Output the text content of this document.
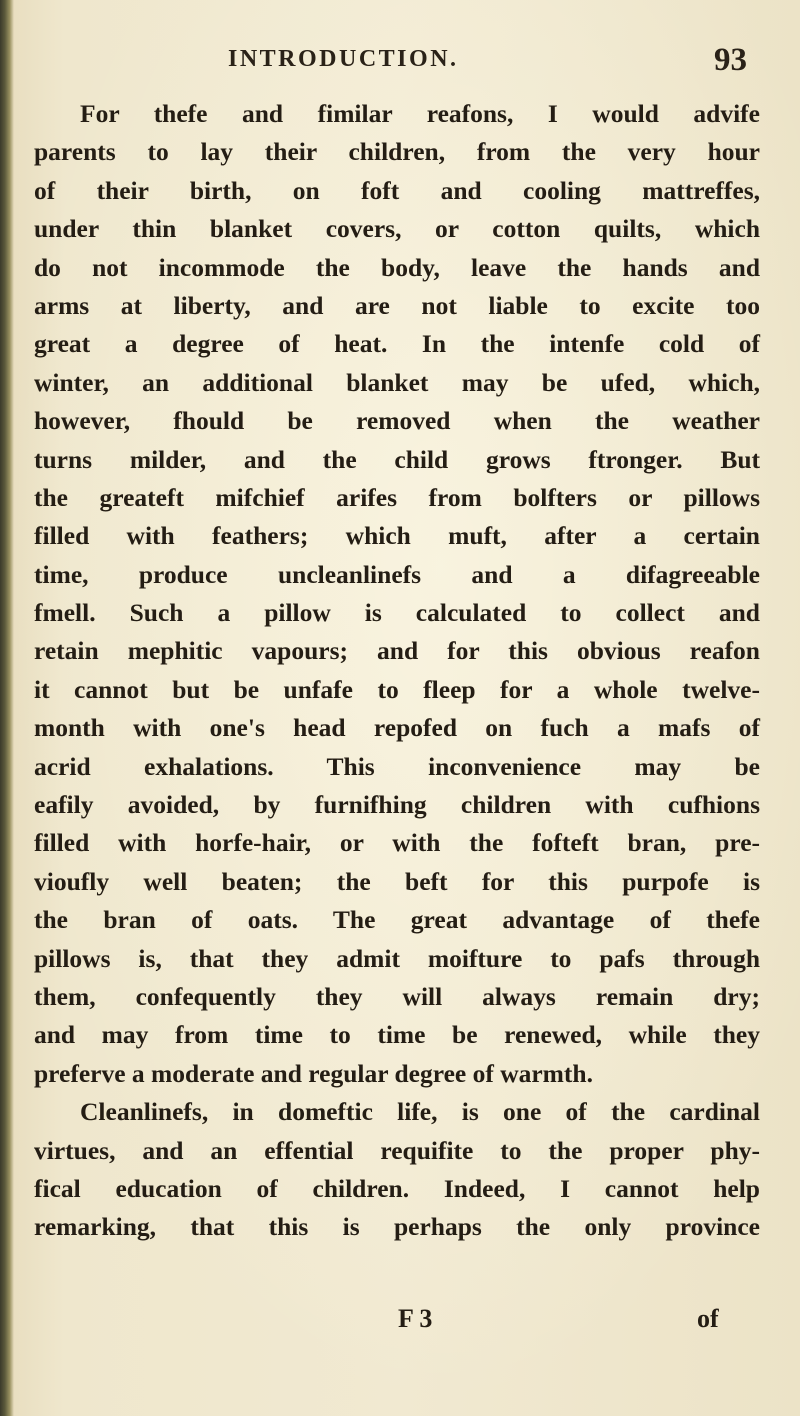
INTRODUCTION.	93
For thefe and fimilar reafons, I would advife
parents to lay their children, from the very hour
of their birth, on foft and cooling mattreffes,
under thin blanket covers, or cotton quilts, which
do not incommode the body, leave the hands and
arms at liberty, and are not liable to excite too
great a degree of heat. In the intenfe cold of
winter, an additional blanket may be ufed, which,
however, fhould be removed when the weather
turns milder, and the child grows ftronger. But
the greateft mifchief arifes from bolfters or pillows
filled with feathers; which muft, after a certain
time, produce uncleanlinefs and a difagreeable
fmell. Such a pillow is calculated to collect and
retain mephitic vapours; and for this obvious reafon
it cannot but be unfafe to fleep for a whole twelve-
month with one's head repofed on fuch a mafs of
acrid exhalations. This inconvenience may be
eafily avoided, by furnifhing children with cufhions
filled with horfe-hair, or with the fofteft bran, pre-
vioufly well beaten; the beft for this purpofe is
the bran of oats. The great advantage of thefe
pillows is, that they admit moifture to pafs through
them, confequently they will always remain dry;
and may from time to time be renewed, while they
preferve a moderate and regular degree of warmth.
Cleanlinefs, in domeftic life, is one of the cardinal
virtues, and an effential requifite to the proper phy-
fical education of children. Indeed, I cannot help
remarking, that this is perhaps the only province
F 3	of
